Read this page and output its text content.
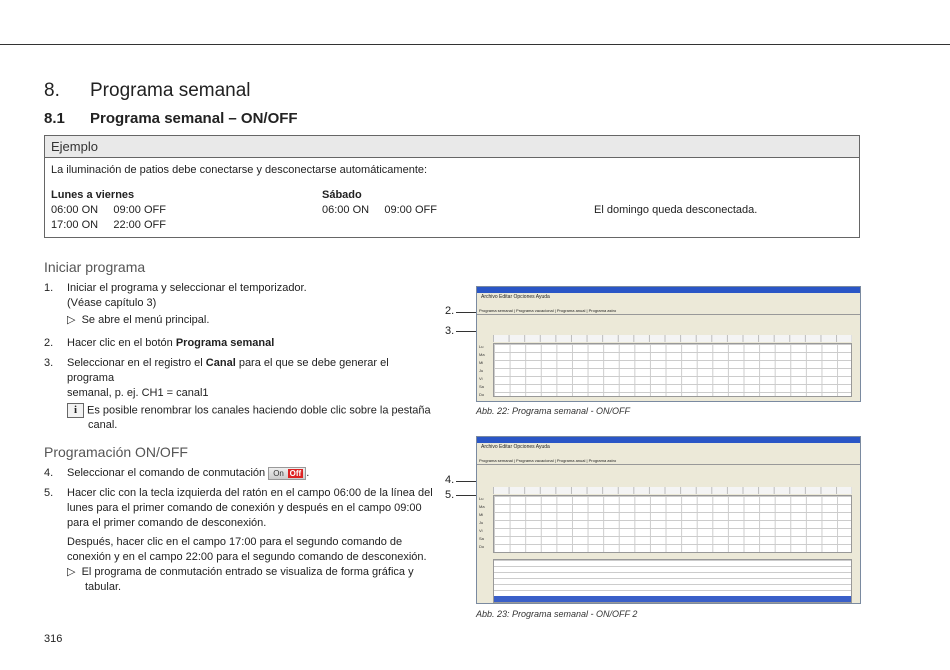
8. Programa semanal
8.1 Programa semanal – ON/OFF
Ejemplo
La iluminación de patios debe conectarse y desconectarse automáticamente:
Lunes a viernes
06:00 ON     09:00 OFF
17:00 ON     22:00 OFF
Sábado
06:00 ON     09:00 OFF	El domingo queda desconectada.
Iniciar programa
1. Iniciar el programa y seleccionar el temporizador.
(Véase capítulo 3)
▷ Se abre el menú principal.
2. Hacer clic en el botón Programa semanal
3. Seleccionar en el registro el Canal para el que se debe generar el programa
semanal, p. ej. CH1 = canal1
i Es posible renombrar los canales haciendo doble clic sobre la pestaña
canal.
Programación ON/OFF
4. Seleccionar el comando de conmutación On Off .
5. Hacer clic con la tecla izquierda del ratón en el campo 06:00 de la línea del
lunes para el primer comando de conexión y después en el campo 09:00
para el primer comando de desconexión.
Después, hacer clic en el campo 17:00 para el segundo comando de
conexión y en el campo 22:00 para el segundo comando de desconexión.
▷ El programa de conmutación entrado se visualiza de forma gráfica y
tabular.
2.
3.
Archivo Editar Opciones Ayuda
Programa semanal | Programa vacacional | Programa anual | Programa astro
Lu
Ma
Mi
Ju
Vi
Sa
Do
Abb. 22: Programa semanal - ON/OFF
4.
5.
Archivo Editar Opciones Ayuda
Programa semanal | Programa vacacional | Programa anual | Programa astro
Lu
Ma
Mi
Ju
Vi
Sa
Do
Abb. 23: Programa semanal - ON/OFF 2
316
